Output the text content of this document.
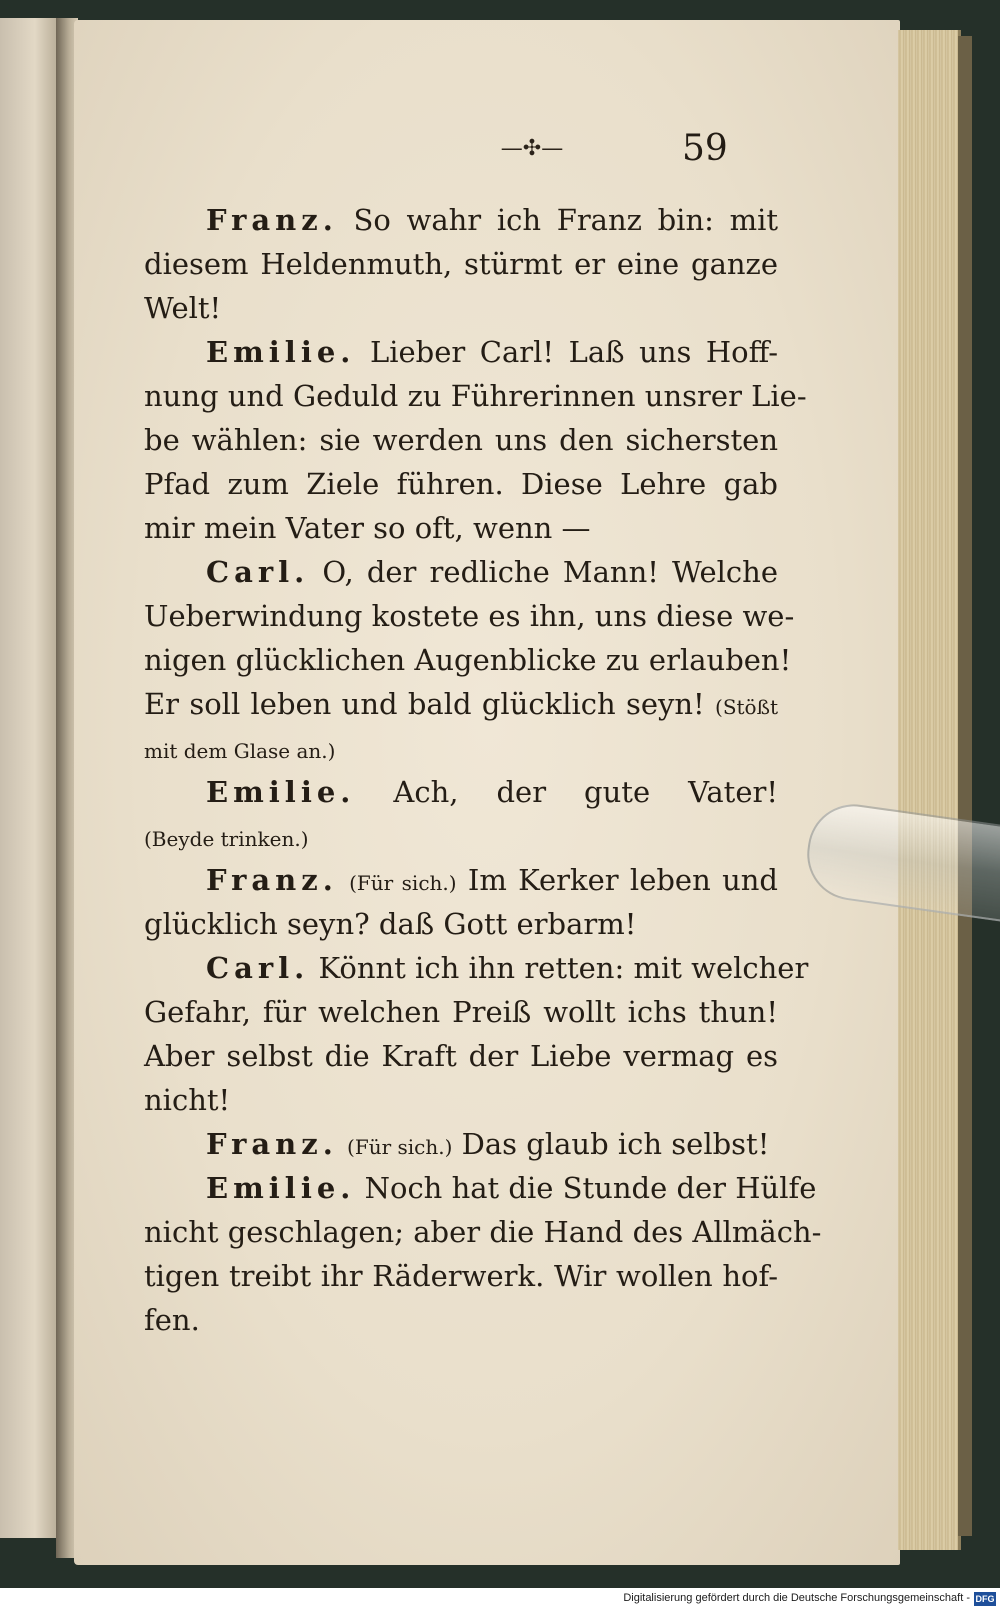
—✣—	59
Franz. So wahr ich Franz bin: mit
diesem Heldenmuth, stürmt er eine ganze
Welt!
Emilie. Lieber Carl! Laß uns Hoff-
nung und Geduld zu Führerinnen unsrer Lie-
be wählen: sie werden uns den sichersten
Pfad zum Ziele führen. Diese Lehre gab
mir mein Vater so oft, wenn —
Carl. O, der redliche Mann! Welche
Ueberwindung kostete es ihn, uns diese we-
nigen glücklichen Augenblicke zu erlauben!
Er soll leben und bald glücklich seyn! (Stößt
mit dem Glase an.)
Emilie. Ach, der gute Vater!
(Beyde trinken.)
Franz. (Für sich.) Im Kerker leben und
glücklich seyn? daß Gott erbarm!
Carl. Könnt ich ihn retten: mit welcher
Gefahr, für welchen Preiß wollt ichs thun!
Aber selbst die Kraft der Liebe vermag es
nicht!
Franz. (Für sich.) Das glaub ich selbst!
Emilie. Noch hat die Stunde der Hülfe
nicht geschlagen; aber die Hand des Allmäch-
tigen treibt ihr Räderwerk. Wir wollen hof-
fen.
Digitalisierung gefördert durch die Deutsche Forschungsgemeinschaft - DFG
